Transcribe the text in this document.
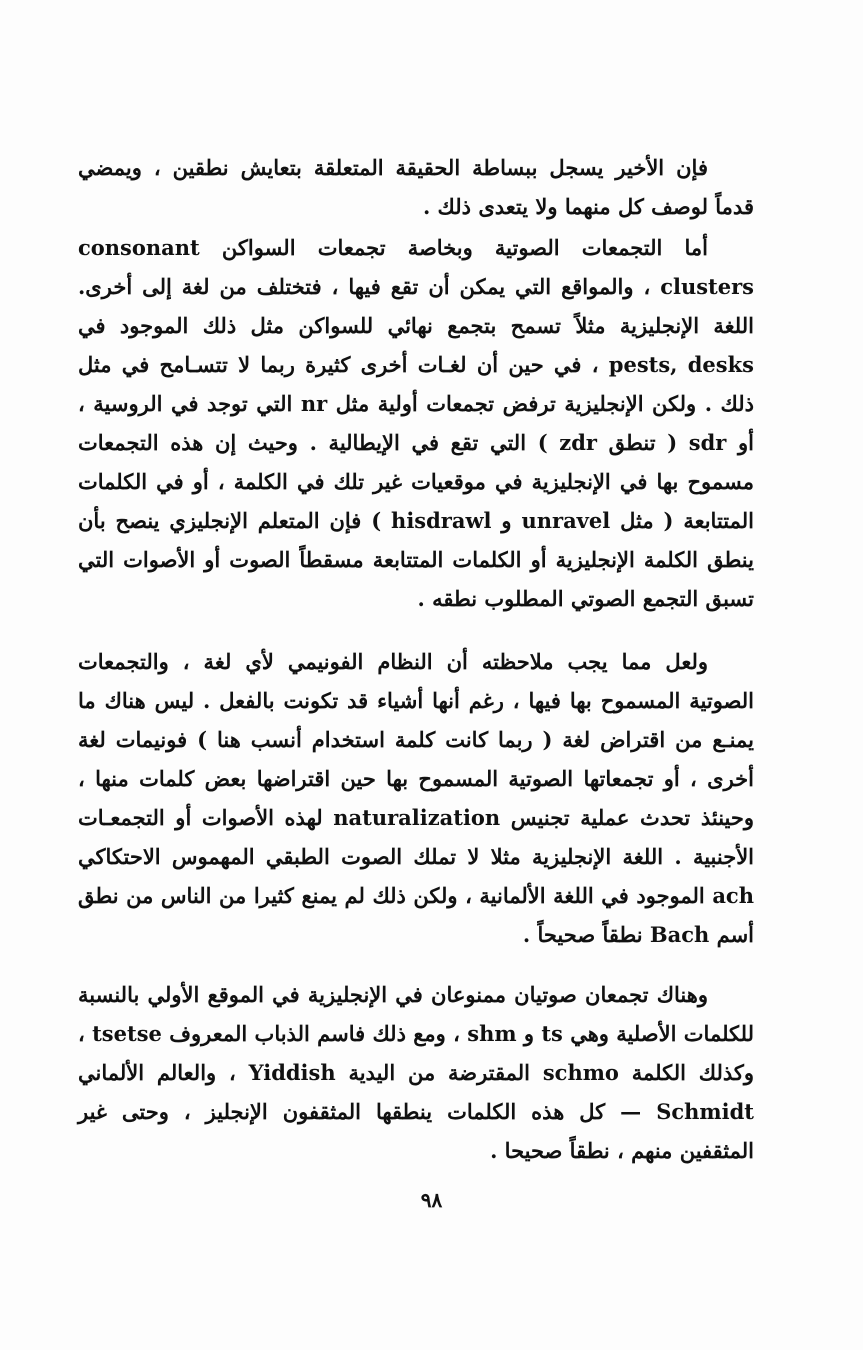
فإن الأخير يسجل ببساطة الحقيقة المتعلقة بتعايش نطقين ، ويمضي قدماً لوصف كل منهما ولا يتعدى ذلك .

أما التجمعات الصوتية وبخاصة تجمعات السواكن consonant clusters ، والمواقع التي يمكن أن تقع فيها ، فتختلف من لغة إلى أخرى. اللغة الإنجليزية مثلاً تسمح بتجمع نهائي للسواكن مثل ذلك الموجود في pests, desks ، في حين أن لغـات أخرى كثيرة ربما لا تتسـامح في مثل ذلك . ولكن الإنجليزية ترفض تجمعات أولية مثل nr التي توجد في الروسية ، أو sdr ( تنطق zdr ) التي تقع في الإيطالية . وحيث إن هذه التجمعات مسموح بها في الإنجليزية في موقعيات غير تلك في الكلمة ، أو في الكلمات المتتابعة ( مثل unravel و hisdrawl ) فإن المتعلم الإنجليزي ينصح بأن ينطق الكلمة الإنجليزية أو الكلمات المتتابعة مسقطاً الصوت أو الأصوات التي تسبق التجمع الصوتي المطلوب نطقه .

ولعل مما يجب ملاحظته أن النظام الفونيمي لأي لغة ، والتجمعات الصوتية المسموح بها فيها ، رغم أنها أشياء قد تكونت بالفعل . ليس هناك ما يمنـع من اقتراض لغة ( ربما كانت كلمة استخدام أنسب هنا ) فونيمات لغة أخرى ، أو تجمعاتها الصوتية المسموح بها حين اقتراضها بعض كلمات منها ، وحينئذ تحدث عملية تجنيس naturalization لهذه الأصوات أو التجمعـات الأجنبية . اللغة الإنجليزية مثلا لا تملك الصوت الطبقي المهموس الاحتكاكي ach الموجود في اللغة الألمانية ، ولكن ذلك لم يمنع كثيرا من الناس من نطق أسم Bach نطقاً صحيحاً .

وهناك تجمعان صوتيان ممنوعان في الإنجليزية في الموقع الأولي بالنسبة للكلمات الأصلية وهي ts و shm ، ومع ذلك فاسم الذباب المعروف tsetse ، وكذلك الكلمة schmo المقترضة من اليدية Yiddish ، والعالم الألماني Schmidt — كل هذه الكلمات ينطقها المثقفون الإنجليز ، وحتى غير المثقفين منهم ، نطقاً صحيحا .

٩٨
